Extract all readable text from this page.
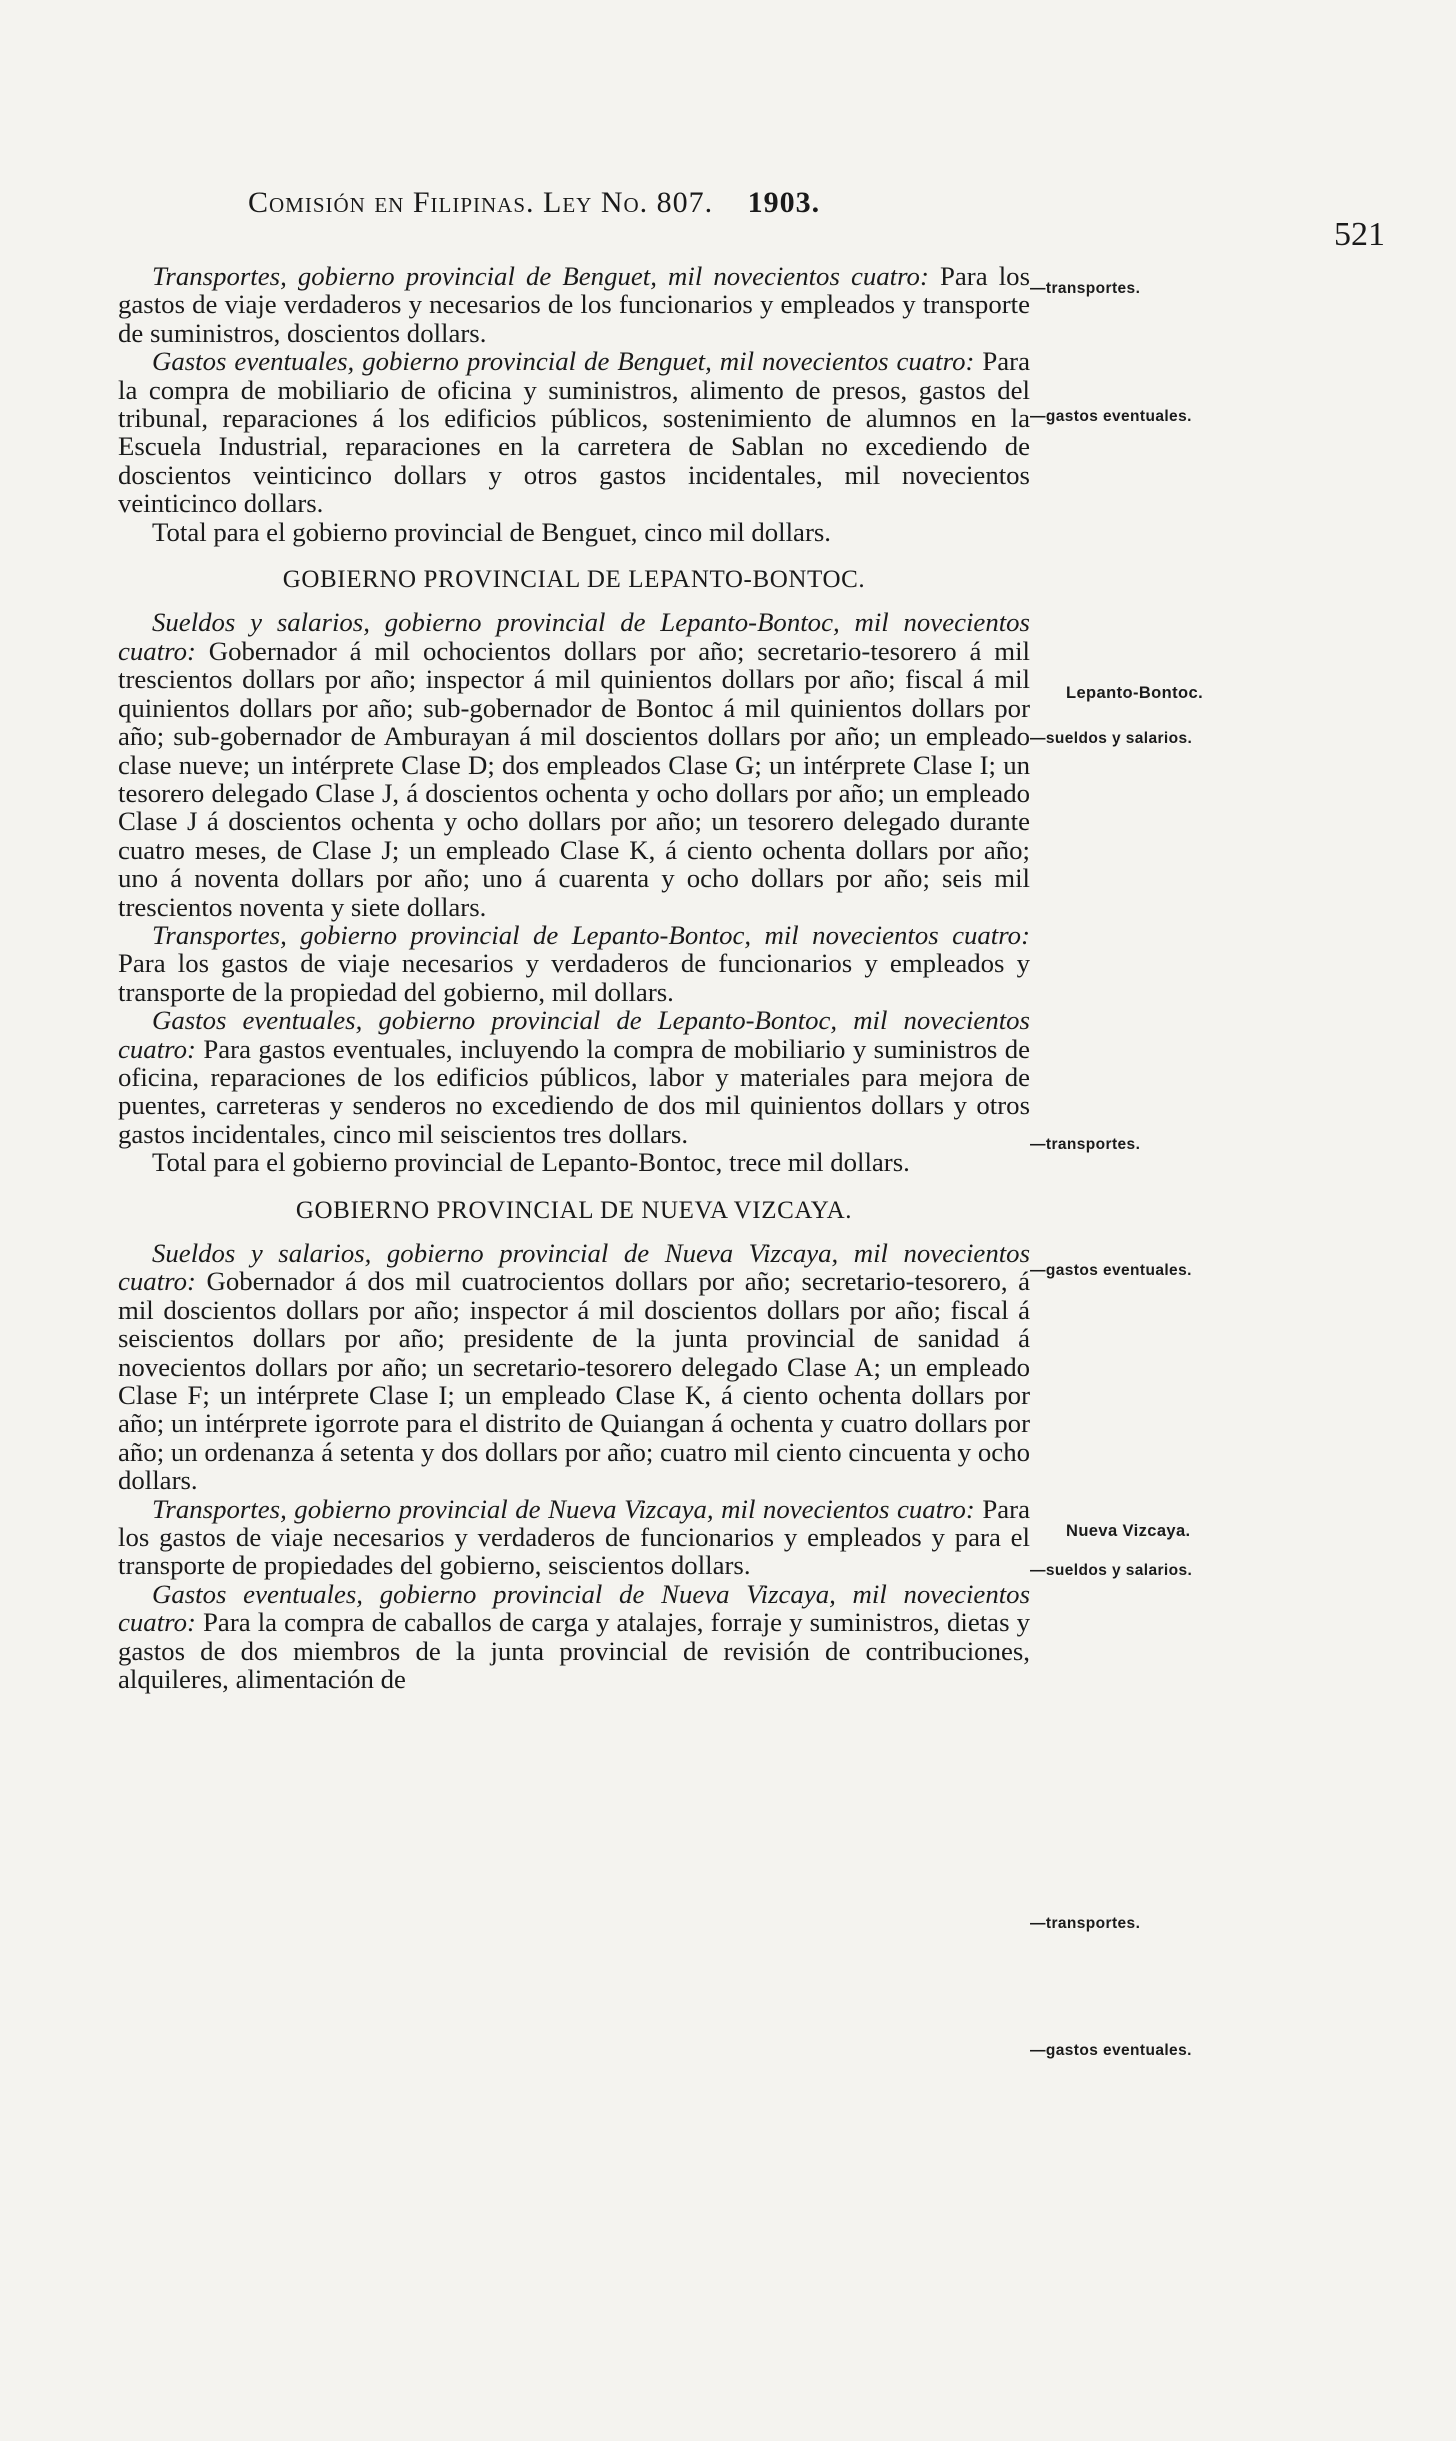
Comisión en Filipinas. Ley No. 807. 1903.
521

Transportes, gobierno provincial de Benguet, mil novecientos cuatro: Para los gastos de viaje verdaderos y necesarios de los funcionarios y empleados y transporte de suministros, doscientos dollars.

Gastos eventuales, gobierno provincial de Benguet, mil novecientos cuatro: Para la compra de mobiliario de oficina y suministros, alimento de presos, gastos del tribunal, reparaciones á los edificios públicos, sostenimiento de alumnos en la Escuela Industrial, reparaciones en la carretera de Sablan no excediendo de doscientos veinticinco dollars y otros gastos incidentales, mil novecientos veinticinco dollars.

Total para el gobierno provincial de Benguet, cinco mil dollars.

GOBIERNO PROVINCIAL DE LEPANTO-BONTOC.

Sueldos y salarios, gobierno provincial de Lepanto-Bontoc, mil novecientos cuatro: Gobernador á mil ochocientos dollars por año; secretario-tesorero á mil trescientos dollars por año; inspector á mil quinientos dollars por año; fiscal á mil quinientos dollars por año; sub-gobernador de Bontoc á mil quinientos dollars por año; sub-gobernador de Amburayan á mil doscientos dollars por año; un empleado clase nueve; un intérprete Clase D; dos empleados Clase G; un intérprete Clase I; un tesorero delegado Clase J, á doscientos ochenta y ocho dollars por año; un empleado Clase J á doscientos ochenta y ocho dollars por año; un tesorero delegado durante cuatro meses, de Clase J; un empleado Clase K, á ciento ochenta dollars por año; uno á noventa dollars por año; uno á cuarenta y ocho dollars por año; seis mil trescientos noventa y siete dollars.

Transportes, gobierno provincial de Lepanto-Bontoc, mil novecientos cuatro: Para los gastos de viaje necesarios y verdaderos de funcionarios y empleados y transporte de la propiedad del gobierno, mil dollars.

Gastos eventuales, gobierno provincial de Lepanto-Bontoc, mil novecientos cuatro: Para gastos eventuales, incluyendo la compra de mobiliario y suministros de oficina, reparaciones de los edificios públicos, labor y materiales para mejora de puentes, carreteras y senderos no excediendo de dos mil quinientos dollars y otros gastos incidentales, cinco mil seiscientos tres dollars.

Total para el gobierno provincial de Lepanto-Bontoc, trece mil dollars.

GOBIERNO PROVINCIAL DE NUEVA VIZCAYA.

Sueldos y salarios, gobierno provincial de Nueva Vizcaya, mil novecientos cuatro: Gobernador á dos mil cuatrocientos dollars por año; secretario-tesorero, á mil doscientos dollars por año; inspector á mil doscientos dollars por año; fiscal á seiscientos dollars por año; presidente de la junta provincial de sanidad á novecientos dollars por año; un secretario-tesorero delegado Clase A; un empleado Clase F; un intérprete Clase I; un empleado Clase K, á ciento ochenta dollars por año; un intérprete igorrote para el distrito de Quiangan á ochenta y cuatro dollars por año; un ordenanza á setenta y dos dollars por año; cuatro mil ciento cincuenta y ocho dollars.

Transportes, gobierno provincial de Nueva Vizcaya, mil novecientos cuatro: Para los gastos de viaje necesarios y verdaderos de funcionarios y empleados y para el transporte de propiedades del gobierno, seiscientos dollars.

Gastos eventuales, gobierno provincial de Nueva Vizcaya, mil novecientos cuatro: Para la compra de caballos de carga y atalajes, forraje y suministros, dietas y gastos de dos miembros de la junta provincial de revisión de contribuciones, alquileres, alimentación de

—transportes.
—gastos eventuales.
Lepanto-Bontoc.
—sueldos y salarios.
—transportes.
—gastos eventuales.
Nueva Vizcaya.
—sueldos y salarios.
—transportes.
—gastos eventuales.
